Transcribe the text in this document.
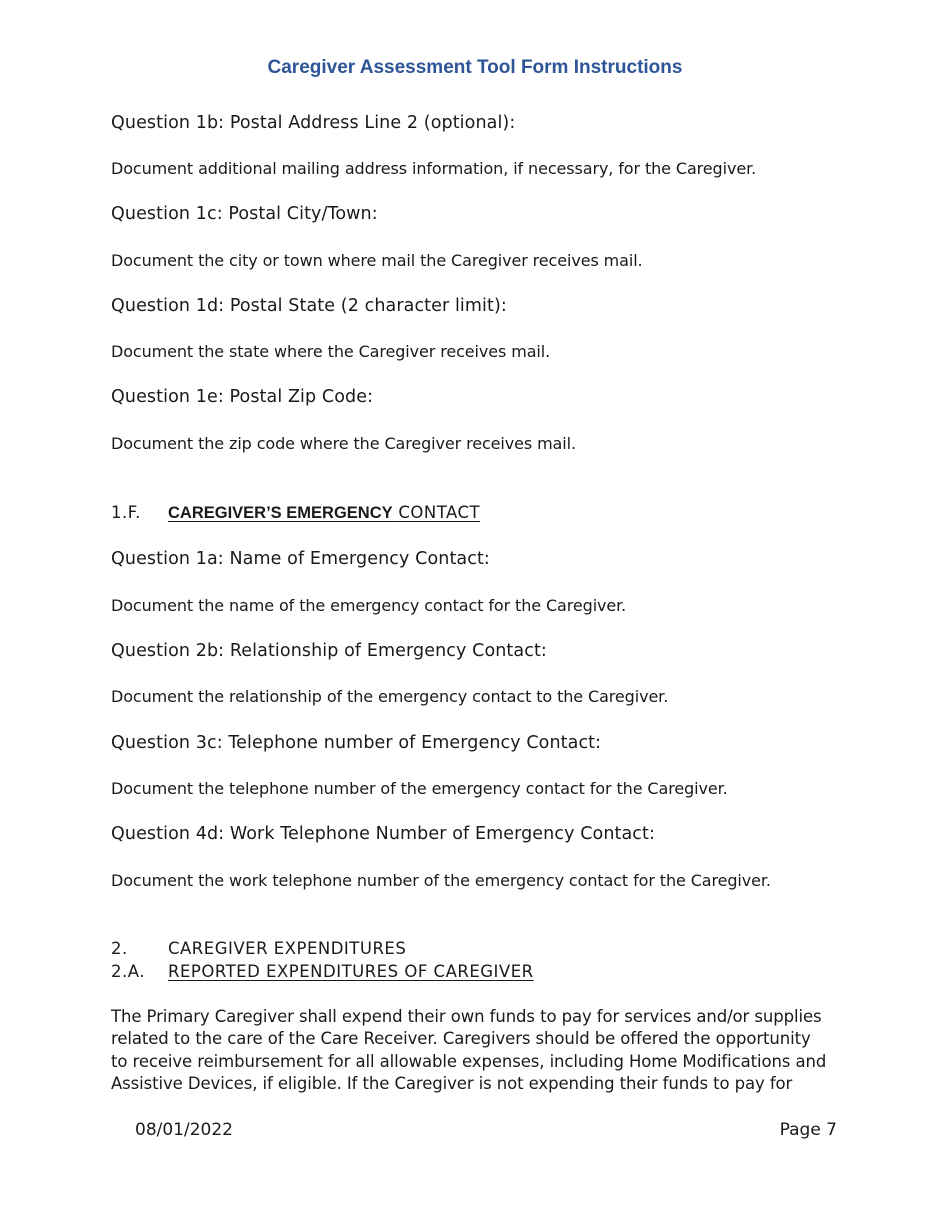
Caregiver Assessment Tool Form Instructions
Question 1b: Postal Address Line 2 (optional):
Document additional mailing address information, if necessary, for the Caregiver.
Question 1c: Postal City/Town:
Document the city or town where mail the Caregiver receives mail.
Question 1d: Postal State (2 character limit):
Document the state where the Caregiver receives mail.
Question 1e: Postal Zip Code:
Document the zip code where the Caregiver receives mail.
1.F. CAREGIVER’S EMERGENCY CONTACT
Question 1a: Name of Emergency Contact:
Document the name of the emergency contact for the Caregiver.
Question 2b: Relationship of Emergency Contact:
Document the relationship of the emergency contact to the Caregiver.
Question 3c: Telephone number of Emergency Contact:
Document the telephone number of the emergency contact for the Caregiver.
Question 4d: Work Telephone Number of Emergency Contact:
Document the work telephone number of the emergency contact for the Caregiver.
2. CAREGIVER EXPENDITURES
2.A. REPORTED EXPENDITURES OF CAREGIVER
The Primary Caregiver shall expend their own funds to pay for services and/or supplies
related to the care of the Care Receiver. Caregivers should be offered the opportunity
to receive reimbursement for all allowable expenses, including Home Modifications and
Assistive Devices, if eligible. If the Caregiver is not expending their funds to pay for
08/01/2022	Page 7
